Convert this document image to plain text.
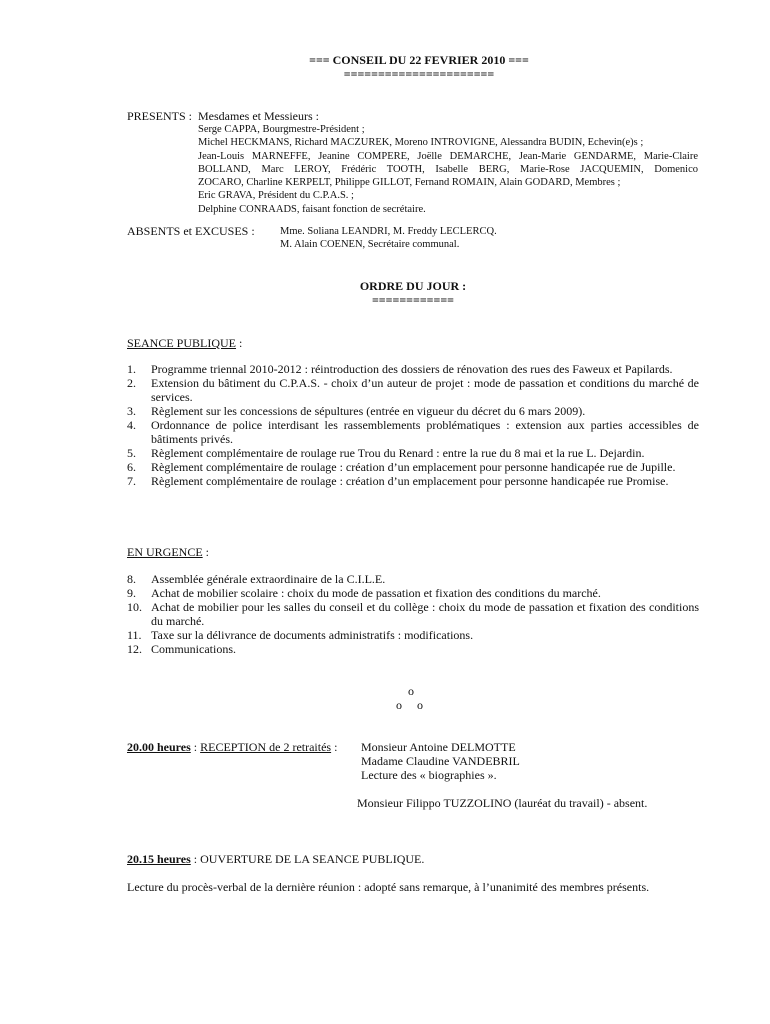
=== CONSEIL DU 22 FEVRIER 2010 ===
======================
PRESENTS : Mesdames et Messieurs :
Serge CAPPA, Bourgmestre-Président ;
Michel HECKMANS, Richard MACZUREK, Moreno INTROVIGNE, Alessandra BUDIN, Echevin(e)s ;
Jean-Louis MARNEFFE, Jeanine COMPERE, Joëlle DEMARCHE, Jean-Marie GENDARME, Marie-Claire
BOLLAND, Marc LEROY, Frédéric TOOTH, Isabelle BERG, Marie-Rose JACQUEMIN, Domenico
ZOCARO, Charline KERPELT, Philippe GILLOT, Fernand ROMAIN, Alain GODARD, Membres ;
Eric GRAVA, Président du C.P.A.S. ;
Delphine CONRAADS, faisant fonction de secrétaire.
ABSENTS et EXCUSES : Mme. Soliana LEANDRI, M. Freddy LECLERCQ.
M. Alain COENEN, Secrétaire communal.
ORDRE DU JOUR :
============
SEANCE PUBLIQUE :
1.	Programme triennal 2010-2012 : réintroduction des dossiers de rénovation des rues des Faweux et Papilards.
2.	Extension du bâtiment du C.P.A.S. - choix d’un auteur de projet : mode de passation et conditions du marché de services.
3.	Règlement sur les concessions de sépultures (entrée en vigueur du décret du 6 mars 2009).
4.	Ordonnance de police interdisant les rassemblements problématiques : extension aux parties accessibles de bâtiments privés.
5.	Règlement complémentaire de roulage rue Trou du Renard : entre la rue du 8 mai et la rue L. Dejardin.
6.	Règlement complémentaire de roulage : création d’un emplacement pour personne handicapée rue de Jupille.
7.	Règlement complémentaire de roulage : création d’un emplacement pour personne handicapée rue Promise.
EN URGENCE :
8.	Assemblée générale extraordinaire de la C.I.L.E.
9.	Achat de mobilier scolaire : choix du mode de passation et fixation des conditions du marché.
10. Achat de mobilier pour les salles du conseil et du collège : choix du mode de passation et fixation des conditions du marché.
11. Taxe sur la délivrance de documents administratifs : modifications.
12. Communications.
o
o     o
20.00 heures : RECEPTION de 2 retraités : Monsieur Antoine DELMOTTE
Madame Claudine VANDEBRIL
Lecture des « biographies ».
Monsieur Filippo TUZZOLINO (lauréat du travail) - absent.
20.15 heures : OUVERTURE DE LA SEANCE PUBLIQUE.
Lecture du procès-verbal de la dernière réunion : adopté sans remarque, à l’unanimité des membres présents.
